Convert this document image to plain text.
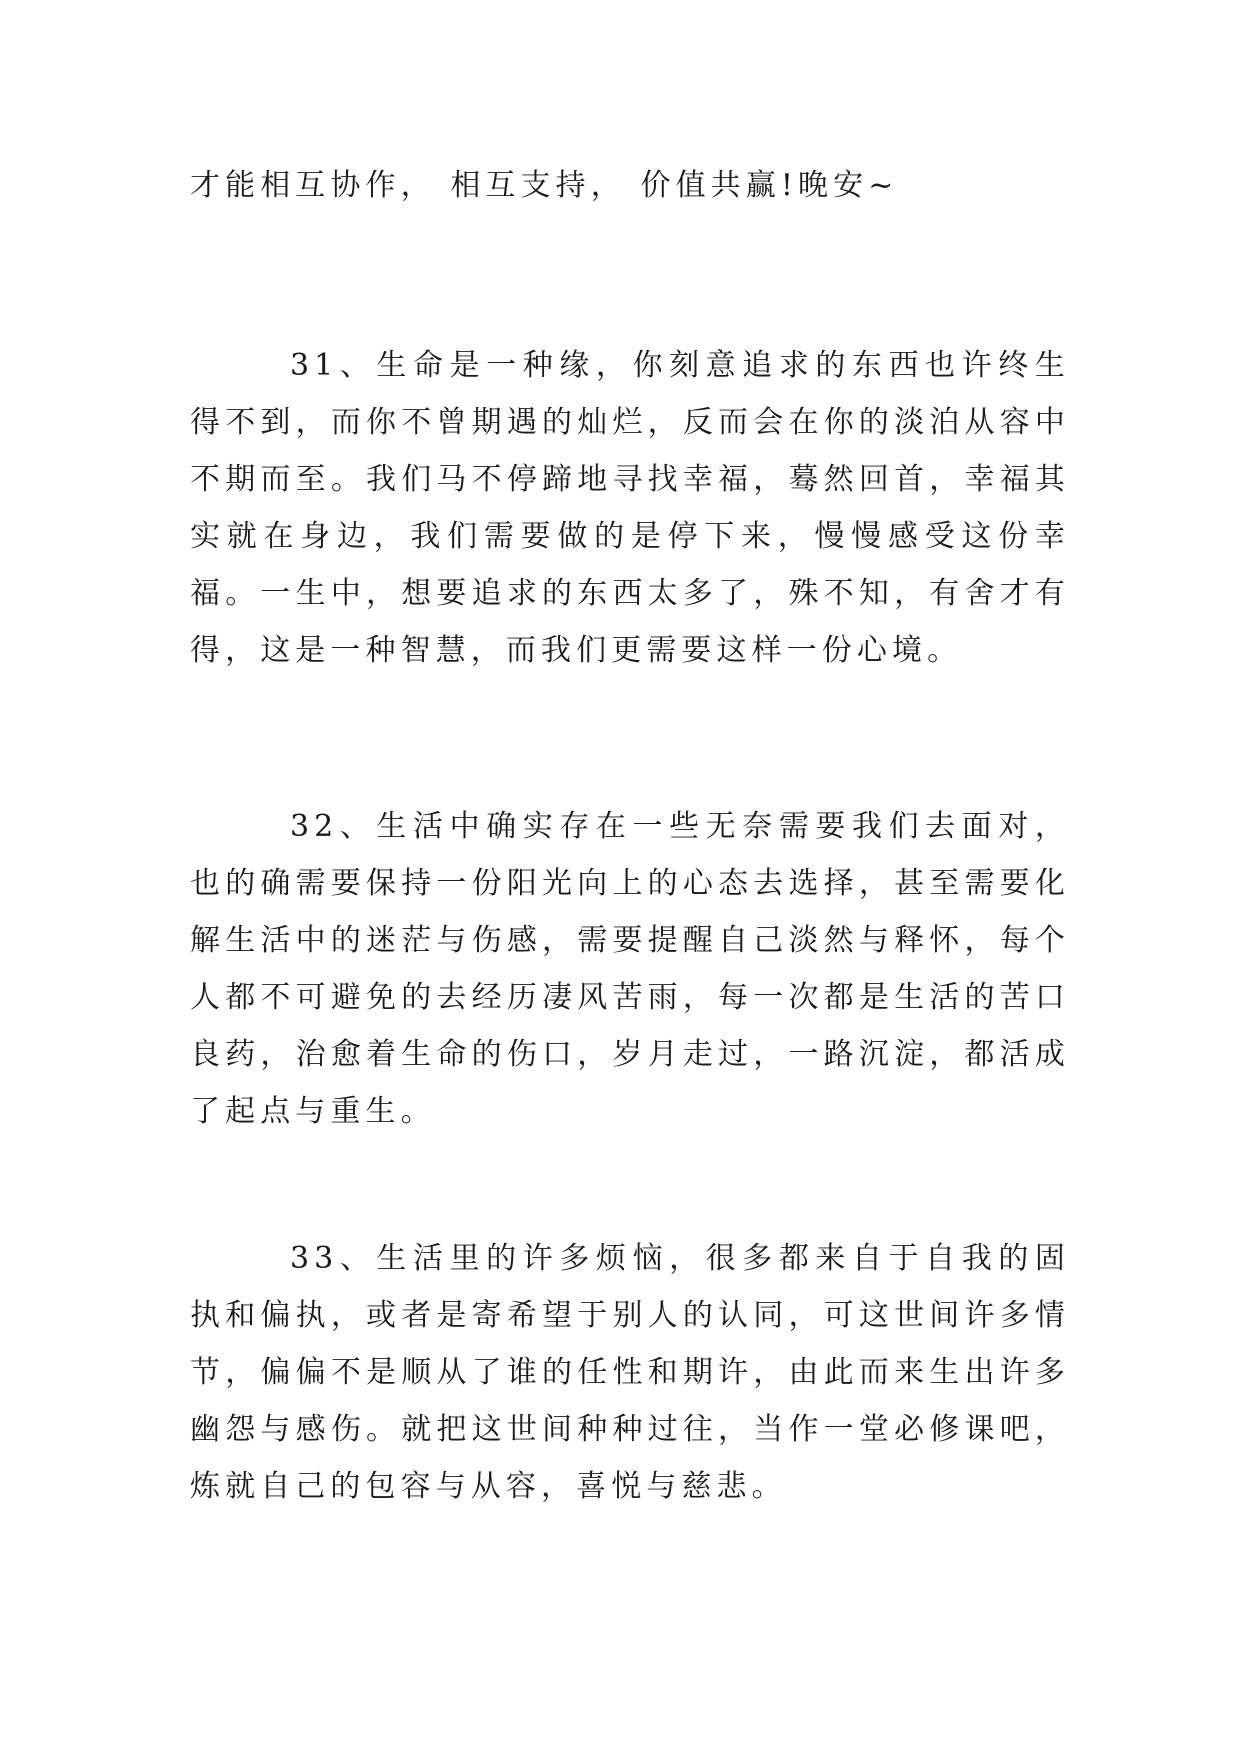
才能相互协作， 相互支持， 价值共赢!晚安~

31、生命是一种缘，你刻意追求的东西也许终生得不到，而你不曾期遇的灿烂，反而会在你的淡泊从容中不期而至。我们马不停蹄地寻找幸福，蓦然回首，幸福其实就在身边，我们需要做的是停下来，慢慢感受这份幸福。一生中，想要追求的东西太多了，殊不知，有舍才有得，这是一种智慧，而我们更需要这样一份心境。

32、生活中确实存在一些无奈需要我们去面对，也的确需要保持一份阳光向上的心态去选择，甚至需要化解生活中的迷茫与伤感，需要提醒自己淡然与释怀，每个人都不可避免的去经历凄风苦雨，每一次都是生活的苦口良药，治愈着生命的伤口，岁月走过，一路沉淀，都活成了起点与重生。

33、生活里的许多烦恼，很多都来自于自我的固执和偏执，或者是寄希望于别人的认同，可这世间许多情节，偏偏不是顺从了谁的任性和期许，由此而来生出许多幽怨与感伤。就把这世间种种过往，当作一堂必修课吧，炼就自己的包容与从容，喜悦与慈悲。
